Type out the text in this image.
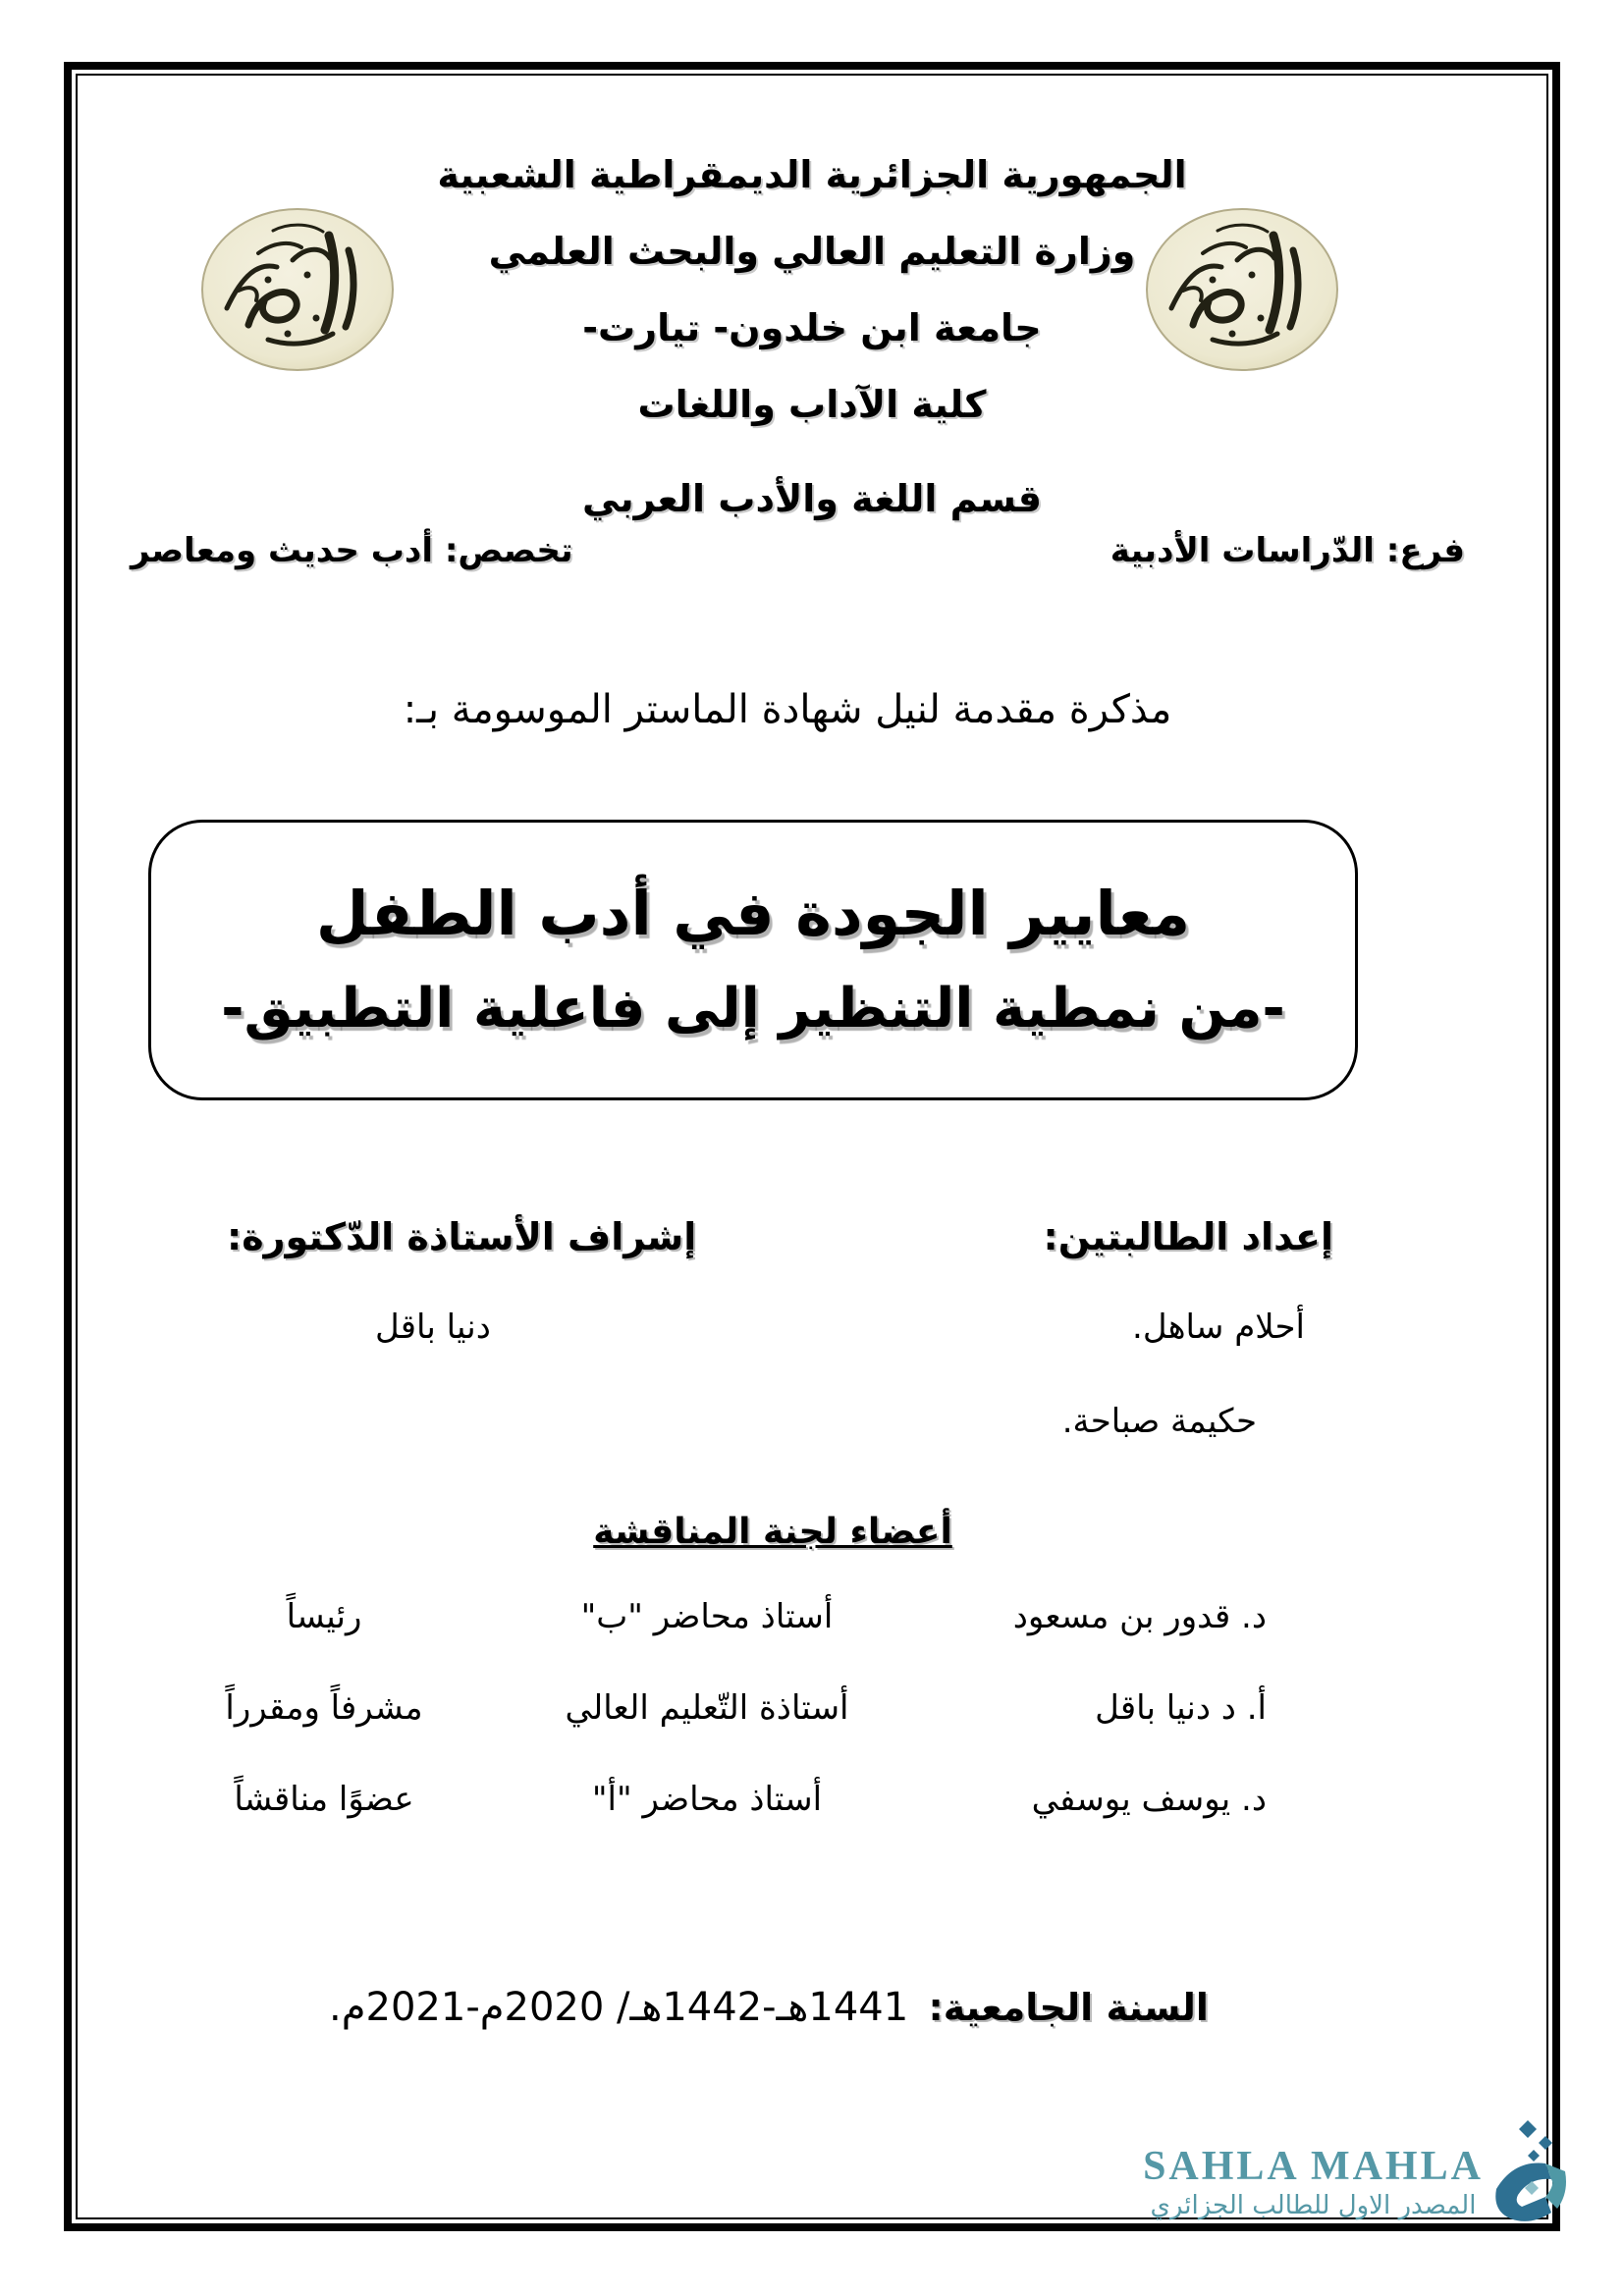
الجمهورية الجزائرية الديمقراطية الشعبية
وزارة التعليم العالي والبحث العلمي
جامعة ابن خلدون- تيارت-
كلية الآداب واللغات
قسم اللغة والأدب العربي
فرع: الدّراسات الأدبية
تخصص: أدب حديث ومعاصر
مذكرة مقدمة لنيل شهادة الماستر الموسومة بـ:
معايير الجودة في أدب الطفل
-من نمطية التنظير إلى فاعلية التطبيق-
إعداد الطالبتين:
إشراف الأستاذة الدّكتورة:
أحلام ساهل.
دنيا باقل
حكيمة صباحة.
أعضاء لجنة المناقشة
د. قدور بن مسعود
أستاذ محاضر "ب"
رئيساً
أ. د دنيا باقل
أستاذة التّعليم العالي
مشرفاً ومقرراً
د. يوسف يوسفي
أستاذ محاضر "أ"
عضوًا مناقشاً
السنة الجامعية:    1441هـ-1442هـ/ 2020م-2021م.
SAHLA MAHLA
المصدر الاول للطالب الجزائري
